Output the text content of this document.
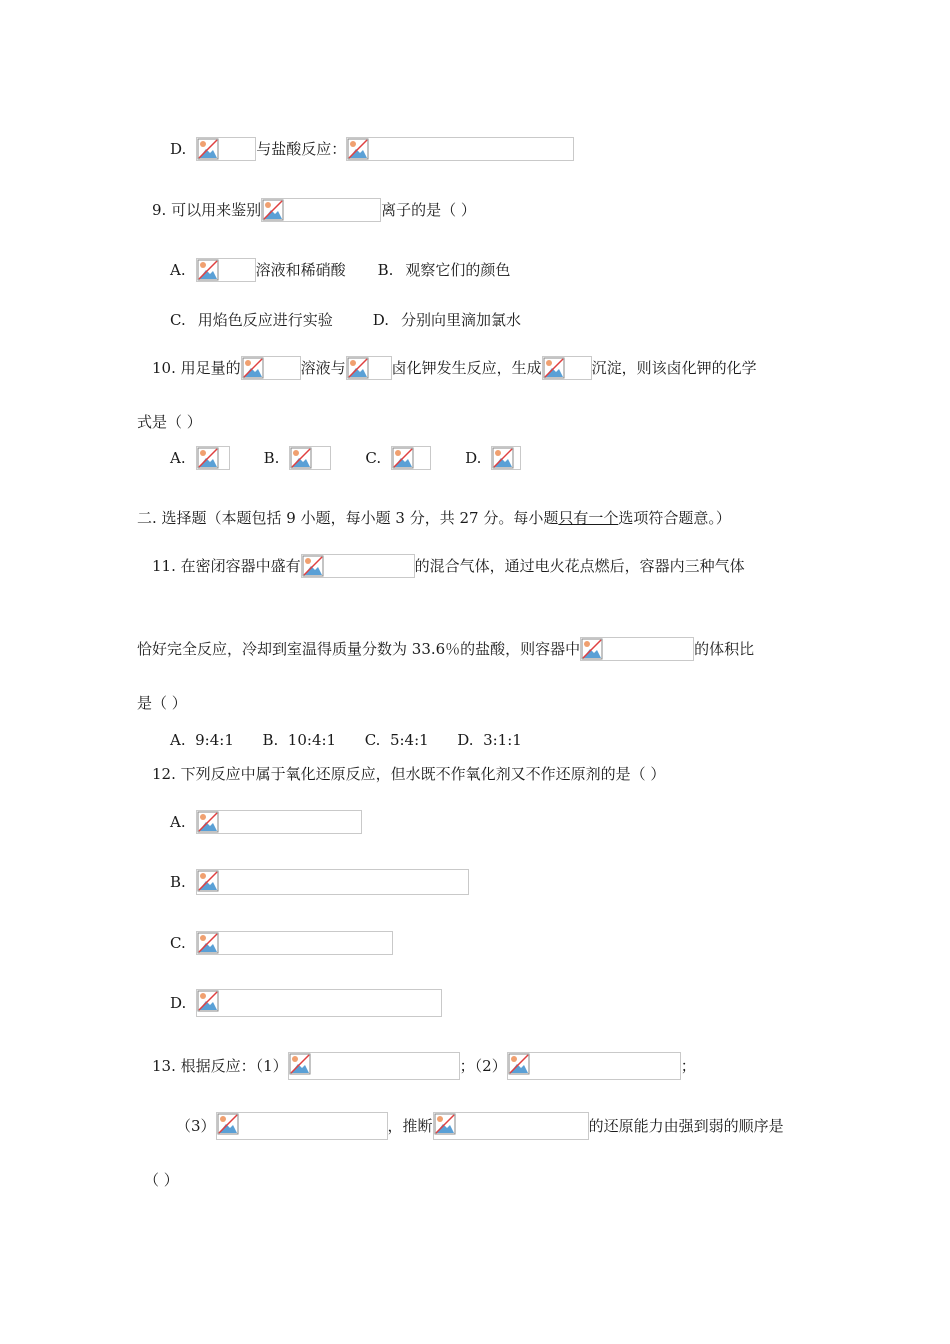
D.	与盐酸反应：
9. 可以用来鉴别	离子的是（ ）
A.	溶液和稀硝酸 B. 观察它们的颜色
C. 用焰色反应进行实验	D. 分别向里滴加氯水
10. 用足量的	溶液与	卤化钾发生反应，生成	沉淀，则该卤化钾的化学
式是（ ）
A.	B.	C.	D.
二. 选择题（本题包括 9 小题，每小题 3 分，共 27 分。每小题 只有一个 选项符合题意。）
11. 在密闭容器中盛有	的混合气体，通过电火花点燃后，容器内三种气体
恰好完全反应，冷却到室温得质量分数为 33.6％的盐酸，则容器中	的体积比
是（ ）
A.  9:4:1      B.  10:4:1      C.  5:4:1      D.  3:1:1
12. 下列反应中属于氧化还原反应，但水既不作氧化剂又不作还原剂的是（ ）
A.
B.
C.
D.
13. 根据反应：（1）	；（2）	；
（3）	，推断	的还原能力由强到弱的顺序是
（ ）
